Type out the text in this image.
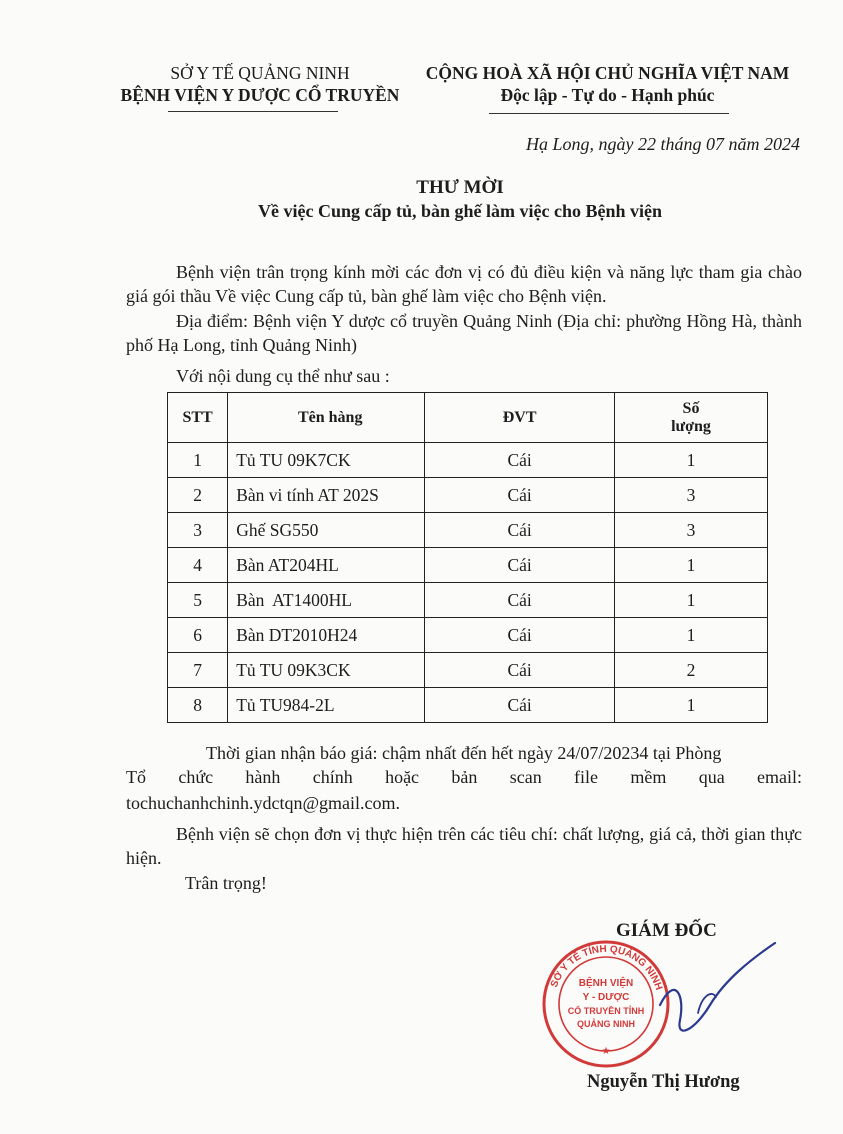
SỞ Y TẾ QUẢNG NINH
BỆNH VIỆN Y DƯỢC CỔ TRUYỀN
CỘNG HOÀ XÃ HỘI CHỦ NGHĨA VIỆT NAM
Độc lập - Tự do - Hạnh phúc
Hạ Long, ngày 22 tháng 07 năm 2024
THƯ MỜI
Về việc Cung cấp tủ, bàn ghế làm việc cho Bệnh viện
Bệnh viện trân trọng kính mời các đơn vị có đủ điều kiện và năng lực tham gia chào giá gói thầu Về việc Cung cấp tủ, bàn ghế làm việc cho Bệnh viện.
Địa điểm: Bệnh viện Y dược cổ truyền Quảng Ninh (Địa chỉ: phường Hồng Hà, thành phố Hạ Long, tỉnh Quảng Ninh)
Với nội dung cụ thể như sau :
STT	Tên hàng	ĐVT	Số
lượng

1	Tủ TU 09K7CK	Cái	1
2	Bàn vi tính AT 202S	Cái	3
3	Ghế SG550	Cái	3
4	Bàn AT204HL	Cái	1
5	Bàn  AT1400HL	Cái	1
6	Bàn DT2010H24	Cái	1
7	Tủ TU 09K3CK	Cái	2
8	Tủ TU984-2L	Cái	1
Thời gian nhận báo giá: chậm nhất đến hết ngày 24/07/20234 tại Phòng
Tổ chức hành chính hoặc bản scan file mềm qua email:
tochuchanhchinh.ydctqn@gmail.com.
Bệnh viện sẽ chọn đơn vị thực hiện trên các tiêu chí: chất lượng, giá cả, thời gian thực hiện.
Trân trọng!
GIÁM ĐỐC
SỞ Y TẾ TỈNH QUẢNG NINH
BỆNH VIỆN
Y - DƯỢC
CỔ TRUYỀN TỈNH
QUẢNG NINH
★
Nguyễn Thị Hương
